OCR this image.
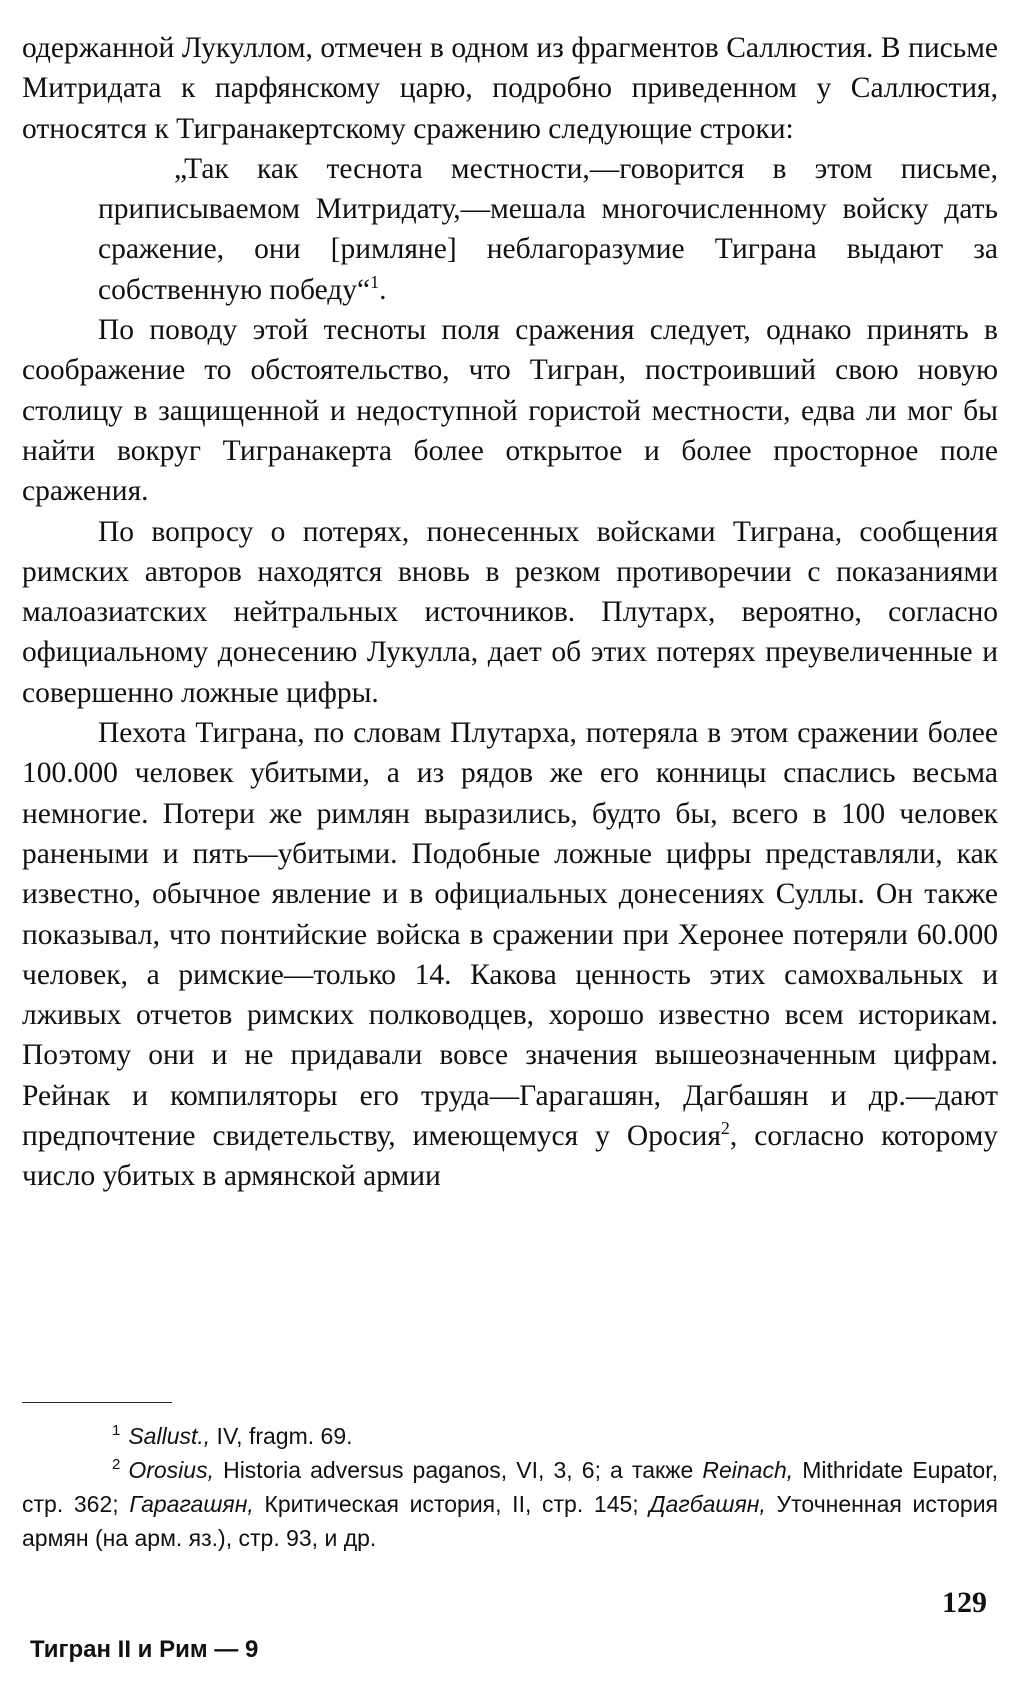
одержанной Лукуллом, отмечен в одном из фрагментов Саллюстия. В письме Митридата к парфянскому царю, подробно приведенном у Саллюстия, относятся к Тигранакертскому сражению следующие строки:

„Так как теснота местности,—говорится в этом письме, приписываемом Митридату,—мешала многочисленному войску дать сражение, они [римляне] неблагоразумие Тиграна выдают за собственную победу“$^1$.

По поводу этой тесноты поля сражения следует, однако принять в соображение то обстоятельство, что Тигран, построивший свою новую столицу в защищенной и недоступной гористой местности, едва ли мог бы найти вокруг Тигранакерта более открытое и более просторное поле сражения.

По вопросу о потерях, понесенных войсками Тиграна, сообщения римских авторов находятся вновь в резком противоречии с показаниями малоазиатских нейтральных источников. Плутарх, вероятно, согласно официальному донесению Лукулла, дает об этих потерях преувеличенные и совершенно ложные цифры.

Пехота Тиграна, по словам Плутарха, потеряла в этом сражении более 100.000 человек убитыми, а из рядов же его конницы спаслись весьма немногие. Потери же римлян выразились, будто бы, всего в 100 человек ранеными и пять—убитыми. Подобные ложные цифры представляли, как известно, обычное явление и в официальных донесениях Суллы. Он также показывал, что понтийские войска в сражении при Херонее потеряли 60.000 человек, а римские—только 14. Какова ценность этих самохвальных и лживых отчетов римских полководцев, хорошо известно всем историкам. Поэтому они и не придавали вовсе значения вышеозначенным цифрам. Рейнак и компиляторы его труда—Гарагашян, Дагбашян и др.—дают предпочтение свидетельству, имеющемуся у Оросия$^2$, согласно которому число убитых в армянской армии

$^1$ Sallust., IV, fragm. 69.

$^2$ Orosius, Historia adversus paganos, VI, 3, 6; а также Reinach, Mithridate Eupator, стр. 362; Гарагашян, Критическая история, II, стр. 145; Дагбашян, Уточненная история армян (на арм. яз.), стр. 93, и др.

129
Тигран II и Рим — 9
